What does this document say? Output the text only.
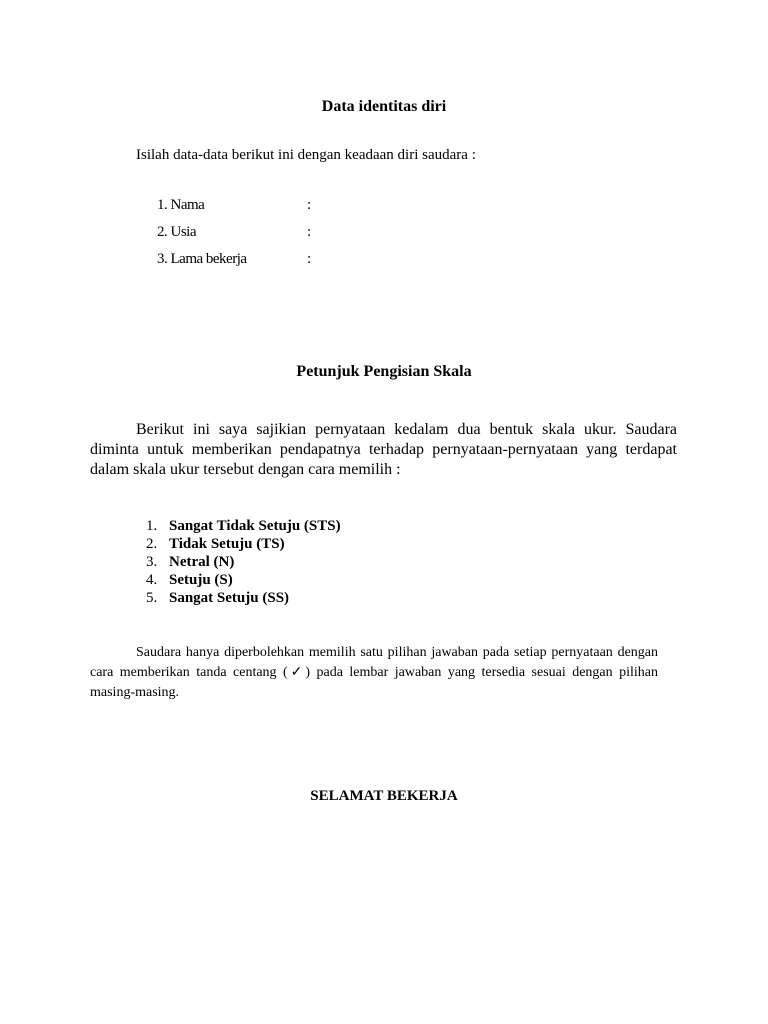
Data identitas diri

Isilah data-data berikut ini dengan keadaan diri saudara :

1. Nama	:
2. Usia	:
3. Lama bekerja	:
Petunjuk Pengisian Skala

Berikut ini saya sajikian pernyataan kedalam dua bentuk skala ukur. Saudara diminta untuk memberikan pendapatnya terhadap pernyataan-pernyataan yang terdapat dalam skala ukur tersebut dengan cara memilih :

1. Sangat Tidak Setuju (STS)
2. Tidak Setuju (TS)
3. Netral (N)
4. Setuju (S)
5. Sangat Setuju (SS)

Saudara hanya diperbolehkan memilih satu pilihan jawaban pada setiap pernyataan dengan cara memberikan tanda centang (✓) pada lembar jawaban yang tersedia sesuai dengan pilihan masing-masing.

SELAMAT BEKERJA
